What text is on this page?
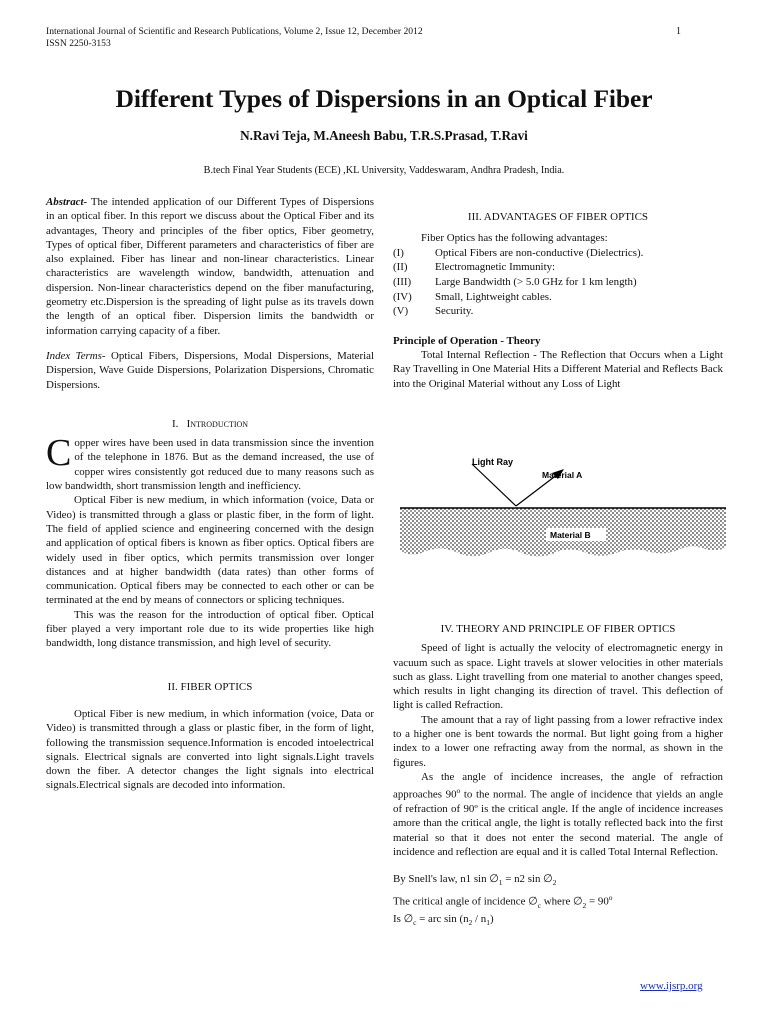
International Journal of Scientific and Research Publications, Volume 2, Issue 12, December 2012
ISSN 2250-3153
1
Different Types of Dispersions in an Optical Fiber
N.Ravi Teja, M.Aneesh Babu, T.R.S.Prasad, T.Ravi
B.tech Final Year Students (ECE) ,KL University, Vaddeswaram, Andhra Pradesh, India.

Abstract- The intended application of our Different Types of Dispersions in an optical fiber. In this report we discuss about the Optical Fiber and its advantages, Theory and principles of the fiber optics, Fiber geometry, Types of optical fiber, Different parameters and characteristics of fiber are also explained. Fiber has linear and non-linear characteristics. Linear characteristics are wavelength window, bandwidth, attenuation and dispersion. Non-linear characteristics depend on the fiber manufacturing, geometry etc.Dispersion is the spreading of light pulse as its travels down the length of an optical fiber. Dispersion limits the bandwidth or information carrying capacity of a fiber.

Index Terms- Optical Fibers, Dispersions, Modal Dispersions, Material Dispersion, Wave Guide Dispersions, Polarization Dispersions, Chromatic Dispersions.

I. Introduction

Copper wires have been used in data transmission since the invention of the telephone in 1876. But as the demand increased, the use of copper wires consistently got reduced due to many reasons such as low bandwidth, short transmission length and inefficiency.

Optical Fiber is new medium, in which information (voice, Data or Video) is transmitted through a glass or plastic fiber, in the form of light. The field of applied science and engineering concerned with the design and application of optical fibers is known as fiber optics. Optical fibers are widely used in fiber optics, which permits transmission over longer distances and at higher bandwidth (data rates) than other forms of communication. Optical fibers may be connected to each other or can be terminated at the end by means of connectors or splicing techniques.

This was the reason for the introduction of optical fiber. Optical fiber played a very important role due to its wide properties like high bandwidth, long distance transmission, and high level of security.

II. FIBER OPTICS

Optical Fiber is new medium, in which information (voice, Data or Video) is transmitted through a glass or plastic fiber, in the form of light, following the transmission sequence.Information is encoded intoelectrical signals. Electrical signals are converted into light signals.Light travels down the fiber. A detector changes the light signals into electrical signals.Electrical signals are decoded into information.

III. ADVANTAGES OF FIBER OPTICS

Fiber Optics has the following advantages:

(I)	Optical Fibers are non-conductive (Dielectrics).
(II)	Electromagnetic Immunity:
(III)	Large Bandwidth (> 5.0 GHz for 1 km length)
(IV)	Small, Lightweight cables.
(V)	Security.

Principle of Operation - Theory

Total Internal Reflection - The Reflection that Occurs when a Light Ray Travelling in One Material Hits a Different Material and Reflects Back into the Original Material without any Loss of Light

Light Ray
Material A
Material B

IV. THEORY AND PRINCIPLE OF FIBER OPTICS

Speed of light is actually the velocity of electromagnetic energy in vacuum such as space. Light travels at slower velocities in other materials such as glass. Light travelling from one material to another changes speed, which results in light changing its direction of travel. This deflection of light is called Refraction.

The amount that a ray of light passing from a lower refractive index to a higher one is bent towards the normal. But light going from a higher index to a lower one refracting away from the normal, as shown in the figures.

As the angle of incidence increases, the angle of refraction approaches 90$^o$ to the normal. The angle of incidence that yields an angle of refraction of 90º is the critical angle. If the angle of incidence increases amore than the critical angle, the light is totally reflected back into the first material so that it does not enter the second material. The angle of incidence and reflection are equal and it is called Total Internal Reflection.

By Snell's law, n1 $\sin \emptyset_1 = n2$ $\sin \emptyset_2$

The critical angle of incidence $\emptyset_c$ where $\emptyset_2 = 90^o$

Is $\emptyset_c$ = arc $\sin (n_2 / n_1)$

www.ijsrp.org
